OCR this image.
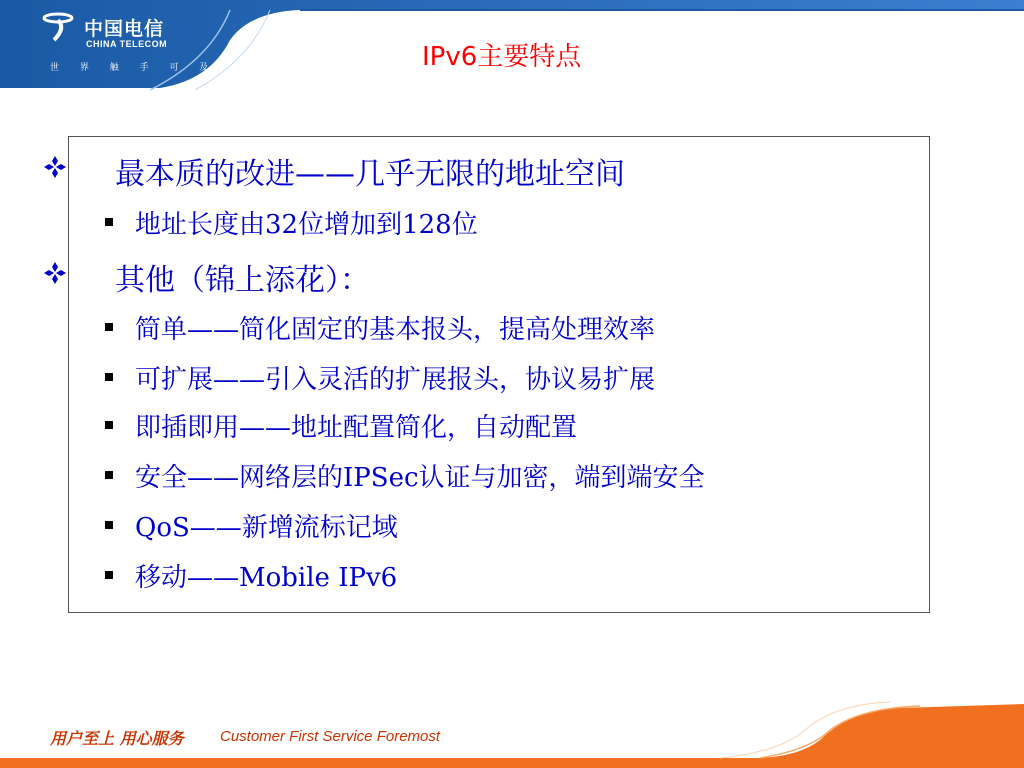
中国电信
CHINA TELECOM
世 界 触 手 可 及	IPv6主要特点
最本质的改进——几乎无限的地址空间
地址长度由32位增加到128位
其他（锦上添花）：
简单——简化固定的基本报头，提高处理效率
可扩展——引入灵活的扩展报头，协议易扩展
即插即用——地址配置简化，自动配置
安全——网络层的IPSec认证与加密，端到端安全
QoS——新增流标记域
移动——Mobile IPv6
用户至上 用心服务 Customer First Service Foremost
